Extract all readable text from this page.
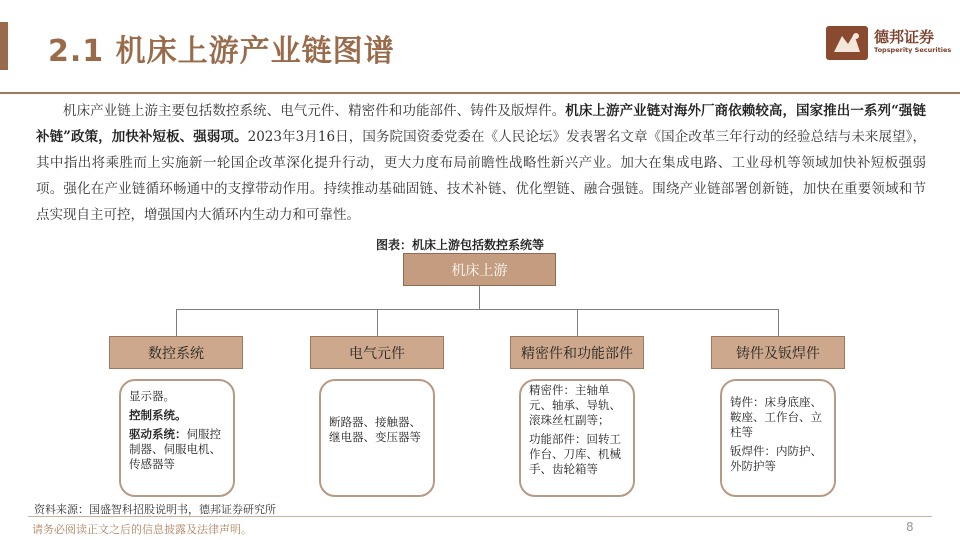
2.1 机床上游产业链图谱	德邦证券
Topsperity Securities
机床产业链上游主要包括数控系统、电气元件、精密件和功能部件、铸件及版焊件。机床上游产业链对海外厂商依赖较高，国家推出一系列“强链补链”政策，加快补短板、强弱项。2023年3月16日，国务院国资委党委在《人民论坛》发表署名文章《国企改革三年行动的经验总结与未来展望》，其中指出将乘胜而上实施新一轮国企改革深化提升行动，更大力度布局前瞻性战略性新兴产业。加大在集成电路、工业母机等领域加快补短板强弱项。强化在产业链循环畅通中的支撑带动作用。持续推动基础固链、技术补链、优化塑链、融合强链。围绕产业链部署创新链，加快在重要领域和节点实现自主可控，增强国内大循环内生动力和可靠性。
图表：机床上游包括数控系统等
机床上游
数控系统	电气元件	精密件和功能部件	铸件及钣焊件

显示器。

控制系统。

驱动系统：伺服控制器、伺服电机、传感器等

断路器、接触器、继电器、变压器等

精密件：主轴单元、轴承、导轨、滚珠丝杠副等；

功能部件：回转工作台、刀库、机械手、齿轮箱等

铸件：床身底座、鞍座、工作台、立柱等

钣焊件：内防护、外防护等

资料来源：国盛智科招股说明书，德邦证券研究所
请务必阅读正文之后的信息披露及法律声明。	8
